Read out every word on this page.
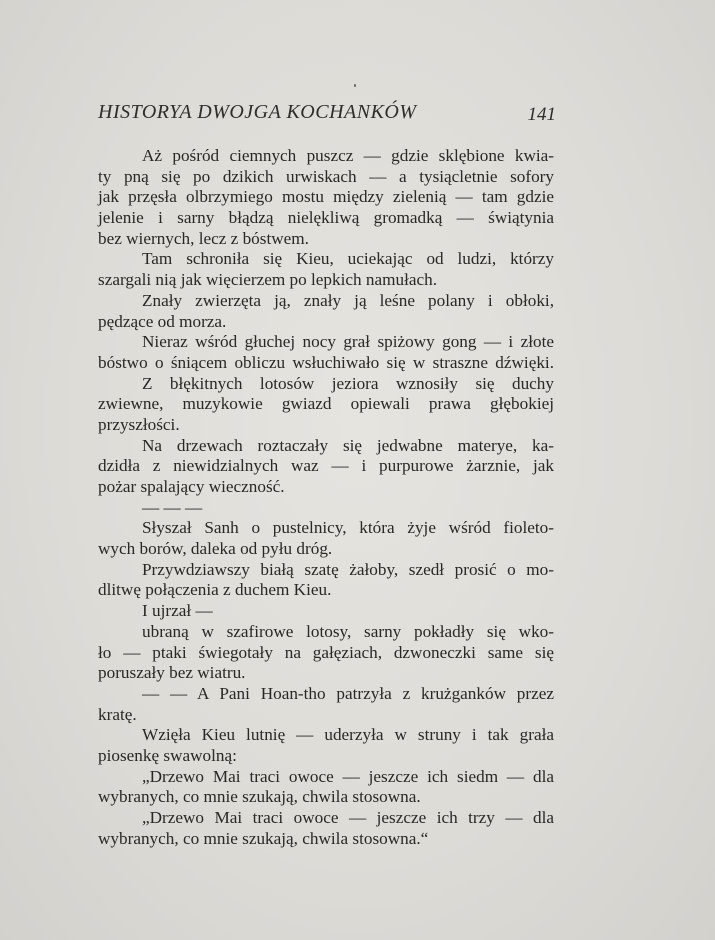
HISTORYA DWOJGA KOCHANKÓW	141
Aż pośród ciemnych puszcz — gdzie sklębione kwia-
ty pną się po dzikich urwiskach — a tysiącletnie sofory
jak przęsła olbrzymiego mostu między zielenią — tam gdzie
jelenie i sarny błądzą nielękliwą gromadką — świątynia
bez wiernych, lecz z bóstwem.
Tam schroniła się Kieu, uciekając od ludzi, którzy
szargali nią jak więcierzem po lepkich namułach.
Znały zwierzęta ją, znały ją leśne polany i obłoki,
pędzące od morza.
Nieraz wśród głuchej nocy grał spiżowy gong — i złote
bóstwo o śniącem obliczu wsłuchiwało się w straszne dźwięki.
Z błękitnych lotosów jeziora wznosiły się duchy
zwiewne, muzykowie gwiazd opiewali prawa głębokiej
przyszłości.
Na drzewach roztaczały się jedwabne materye, ka-
dzidła z niewidzialnych waz — i purpurowe żarznie, jak
pożar spalający wieczność.
— — —
Słyszał Sanh o pustelnicy, która żyje wśród fioleto-
wych borów, daleka od pyłu dróg.
Przywdziawszy białą szatę żałoby, szedł prosić o mo-
dlitwę połączenia z duchem Kieu.
I ujrzał —
ubraną w szafirowe lotosy, sarny pokładły się wko-
ło — ptaki świegotały na gałęziach, dzwoneczki same się
poruszały bez wiatru.
— — A Pani Hoan-tho patrzyła z krużganków przez
kratę.
Wzięła Kieu lutnię — uderzyła w struny i tak grała
piosenkę swawolną:
„Drzewo Mai traci owoce — jeszcze ich siedm — dla
wybranych, co mnie szukają, chwila stosowna.
„Drzewo Mai traci owoce — jeszcze ich trzy — dla
wybranych, co mnie szukają, chwila stosowna.“
